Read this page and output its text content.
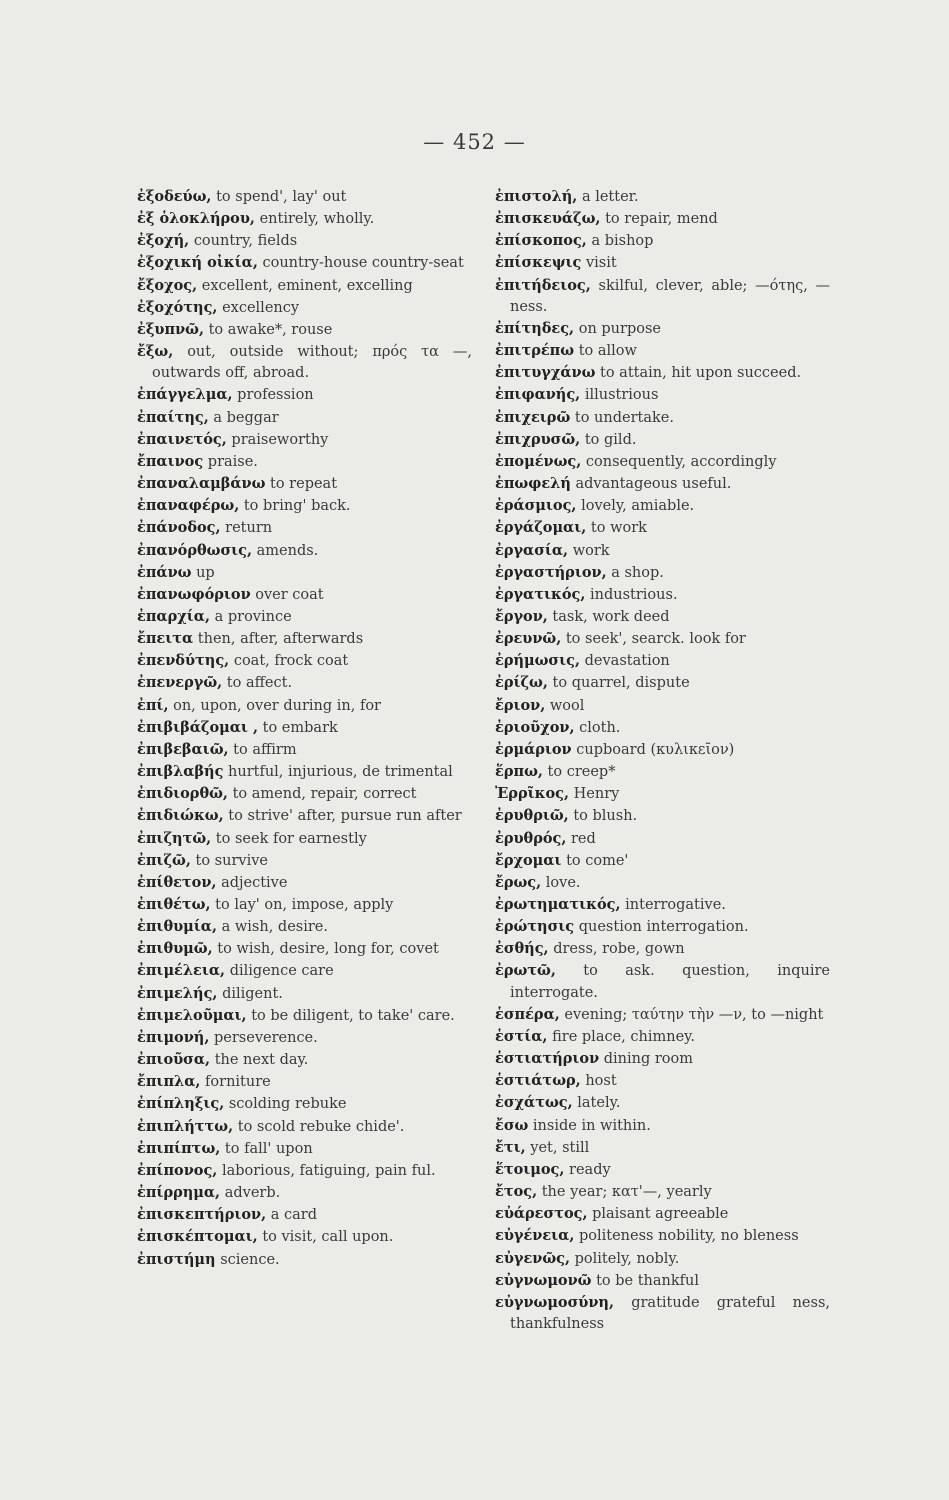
— 452 —
ἐξοδεύω, to spend', lay' out
ἐξ ὁλοκλήρου, entirely, wholly.
ἐξοχή, country, fields
ἐξοχική οἰκία, country-house country-seat
ἔξοχος, excellent, eminent, excelling
ἐξοχότης, excellency
ἐξυπνῶ, to awake*, rouse
ἔξω, out, outside without; πρός τα —, outwards off, abroad.
ἐπάγγελμα, profession
ἐπαίτης, a beggar
ἐπαινετός, praiseworthy
ἔπαινος praise.
ἐπαναλαμβάνω to repeat
ἐπαναφέρω, to bring' back.
ἐπάνοδος, return
ἐπανόρθωσις, amends.
ἐπάνω up
ἐπανωφόριον over coat
ἐπαρχία, a province
ἔπειτα then, after, afterwards
ἐπενδύτης, coat, frock coat
ἐπενεργῶ, to affect.
ἐπί, on, upon, over during in, for
ἐπιβιβάζομαι , to embark
ἐπιβεβαιῶ, to affirm
ἐπιβλαβής hurtful, injurious, de trimental
ἐπιδιορθῶ, to amend, repair, correct
ἐπιδιώκω, to strive' after, pursue run after
ἐπιζητῶ, to seek for earnestly
ἐπιζῶ, to survive
ἐπίθετον, adjective
ἐπιθέτω, to lay' on, impose, apply
ἐπιθυμία, a wish, desire.
ἐπιθυμῶ, to wish, desire, long for, covet
ἐπιμέλεια, diligence care
ἐπιμελής, diligent.
ἐπιμελοῦμαι, to be diligent, to take' care.
ἐπιμονή, perseverence.
ἐπιοῦσα, the next day.
ἔπιπλα, forniture
ἐπίπληξις, scolding rebuke
ἐπιπλήττω, to scold rebuke chide'.
ἐπιπίπτω, to fall' upon
ἐπίπονος, laborious, fatiguing, pain ful.
ἐπίρρημα, adverb.
ἐπισκεπτήριον, a card
ἐπισκέπτομαι, to visit, call upon.
ἐπιστήμη science.
ἐπιστολή, a letter.
ἐπισκευάζω, to repair, mend
ἐπίσκοπος, a bishop
ἐπίσκεψις visit
ἐπιτήδειος, skilful, clever, able; —ότης, —ness.
ἐπίτηδες, on purpose
ἐπιτρέπω to allow
ἐπιτυγχάνω to attain, hit upon succeed.
ἐπιφανής, illustrious
ἐπιχειρῶ to undertake.
ἐπιχρυσῶ, to gild.
ἐπομένως, consequently, accordingly
ἐπωφελή advantageous useful.
ἐράσμιος, lovely, amiable.
ἐργάζομαι, to work
ἐργασία, work
ἐργαστήριον, a shop.
ἐργατικός, industrious.
ἔργον, task, work deed
ἐρευνῶ, to seek', searck. look for
ἐρήμωσις, devastation
ἐρίζω, to quarrel, dispute
ἔριον, wool
ἐριοῦχον, cloth.
ἐρμάριον cupboard (κυλικεῖον)
ἕρπω, to creep*
Ἐρρῖκος, Henry
ἐρυθριῶ, to blush.
ἐρυθρός, red
ἔρχομαι to come'
ἔρως, love.
ἐρωτηματικός, interrogative.
ἐρώτησις question interrogation.
ἐσθής, dress, robe, gown
ἐρωτῶ, to ask. question, inquire interrogate.
ἑσπέρα, evening; ταύτην τὴν —ν, to —night
ἑστία, fire place, chimney.
ἑστιατήριον dining room
ἑστιάτωρ, host
ἐσχάτως, lately.
ἔσω inside in within.
ἔτι, yet, still
ἕτοιμος, ready
ἔτος, the year; κατ'—, yearly
εὐάρεστος, plaisant agreeable
εὐγένεια, politeness nobility, no bleness
εὐγενῶς, politely, nobly.
εὐγνωμονῶ to be thankful
εὐγνωμοσύνη, gratitude grateful ness, thankfulness
